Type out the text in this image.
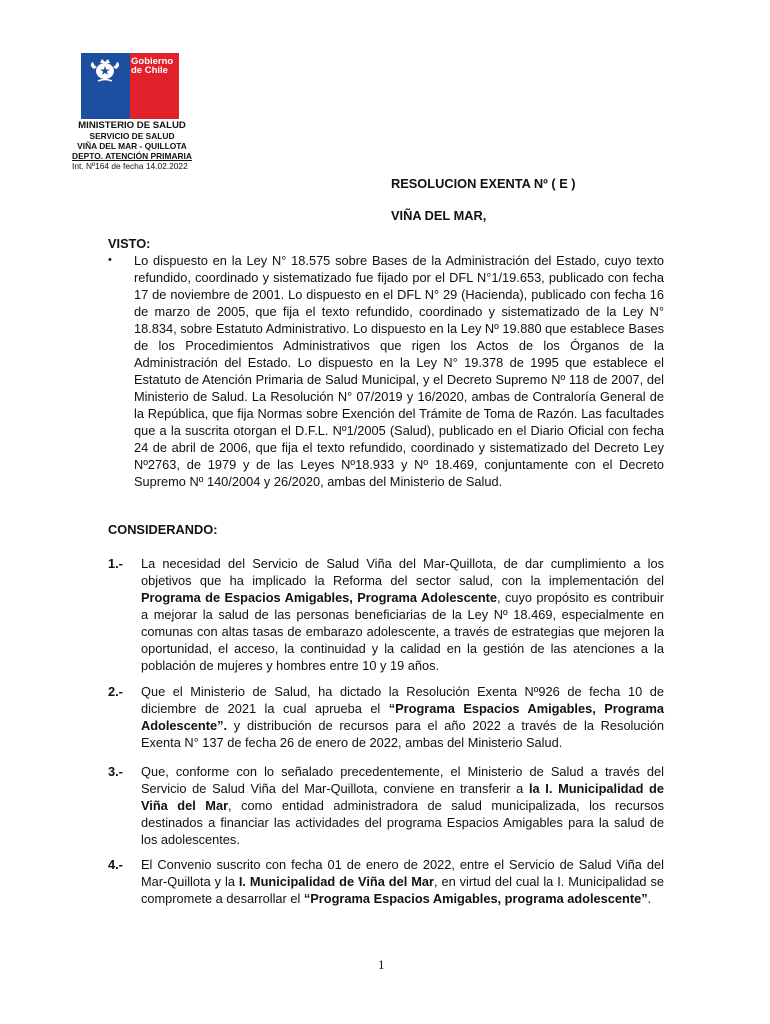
Gobierno de Chile
MINISTERIO DE SALUD
SERVICIO DE SALUD
VIÑA DEL MAR - QUILLOTA
DEPTO. ATENCIÓN PRIMARIA
Int. Nº164 de fecha 14.02.2022
RESOLUCION EXENTA Nº ( E )
VIÑA DEL MAR,
VISTO:
•	Lo dispuesto en la Ley N° 18.575 sobre Bases de la Administración del Estado, cuyo texto refundido, coordinado y sistematizado fue fijado por el DFL N°1/19.653, publicado con fecha 17 de noviembre de 2001. Lo dispuesto en el DFL N° 29 (Hacienda), publicado con fecha 16 de marzo de 2005, que fija el texto refundido, coordinado y sistematizado de la Ley N° 18.834, sobre Estatuto Administrativo. Lo dispuesto en la Ley Nº 19.880 que establece Bases de los Procedimientos Administrativos que rigen los Actos de los Órganos de la Administración del Estado. Lo dispuesto en la Ley N° 19.378 de 1995 que establece el Estatuto de Atención Primaria de Salud Municipal, y el Decreto Supremo Nº 118 de 2007, del Ministerio de Salud. La Resolución N° 07/2019 y 16/2020, ambas de Contraloría General de la República, que fija Normas sobre Exención del Trámite de Toma de Razón. Las facultades que a la suscrita otorgan el D.F.L. Nº1/2005 (Salud), publicado en el Diario Oficial con fecha 24 de abril de 2006, que fija el texto refundido, coordinado y sistematizado del Decreto Ley Nº2763, de 1979 y de las Leyes Nº18.933 y Nº 18.469, conjuntamente con el Decreto Supremo Nº 140/2004 y 26/2020, ambas del Ministerio de Salud.
CONSIDERANDO:
1.- La necesidad del Servicio de Salud Viña del Mar-Quillota, de dar cumplimiento a los objetivos que ha implicado la Reforma del sector salud, con la implementación del Programa de Espacios Amigables, Programa Adolescente, cuyo propósito es contribuir a mejorar la salud de las personas beneficiarias de la Ley Nº 18.469, especialmente en comunas con altas tasas de embarazo adolescente, a través de estrategias que mejoren la oportunidad, el acceso, la continuidad y la calidad en la gestión de las atenciones a la población de mujeres y hombres entre 10 y 19 años.
2.- Que el Ministerio de Salud, ha dictado la Resolución Exenta Nº926 de fecha 10 de diciembre de 2021 la cual aprueba el “Programa Espacios Amigables, Programa Adolescente”. y distribución de recursos para el año 2022 a través de la Resolución Exenta N° 137 de fecha 26 de enero de 2022, ambas del Ministerio Salud.
3.- Que, conforme con lo señalado precedentemente, el Ministerio de Salud a través del Servicio de Salud Viña del Mar-Quillota, conviene en transferir a la I. Municipalidad de Viña del Mar, como entidad administradora de salud municipalizada, los recursos destinados a financiar las actividades del programa Espacios Amigables para la salud de los adolescentes.
4.- El Convenio suscrito con fecha 01 de enero de 2022, entre el Servicio de Salud Viña del Mar-Quillota y la I. Municipalidad de Viña del Mar, en virtud del cual la I. Municipalidad se compromete a desarrollar el “Programa Espacios Amigables, programa adolescente”.
1
